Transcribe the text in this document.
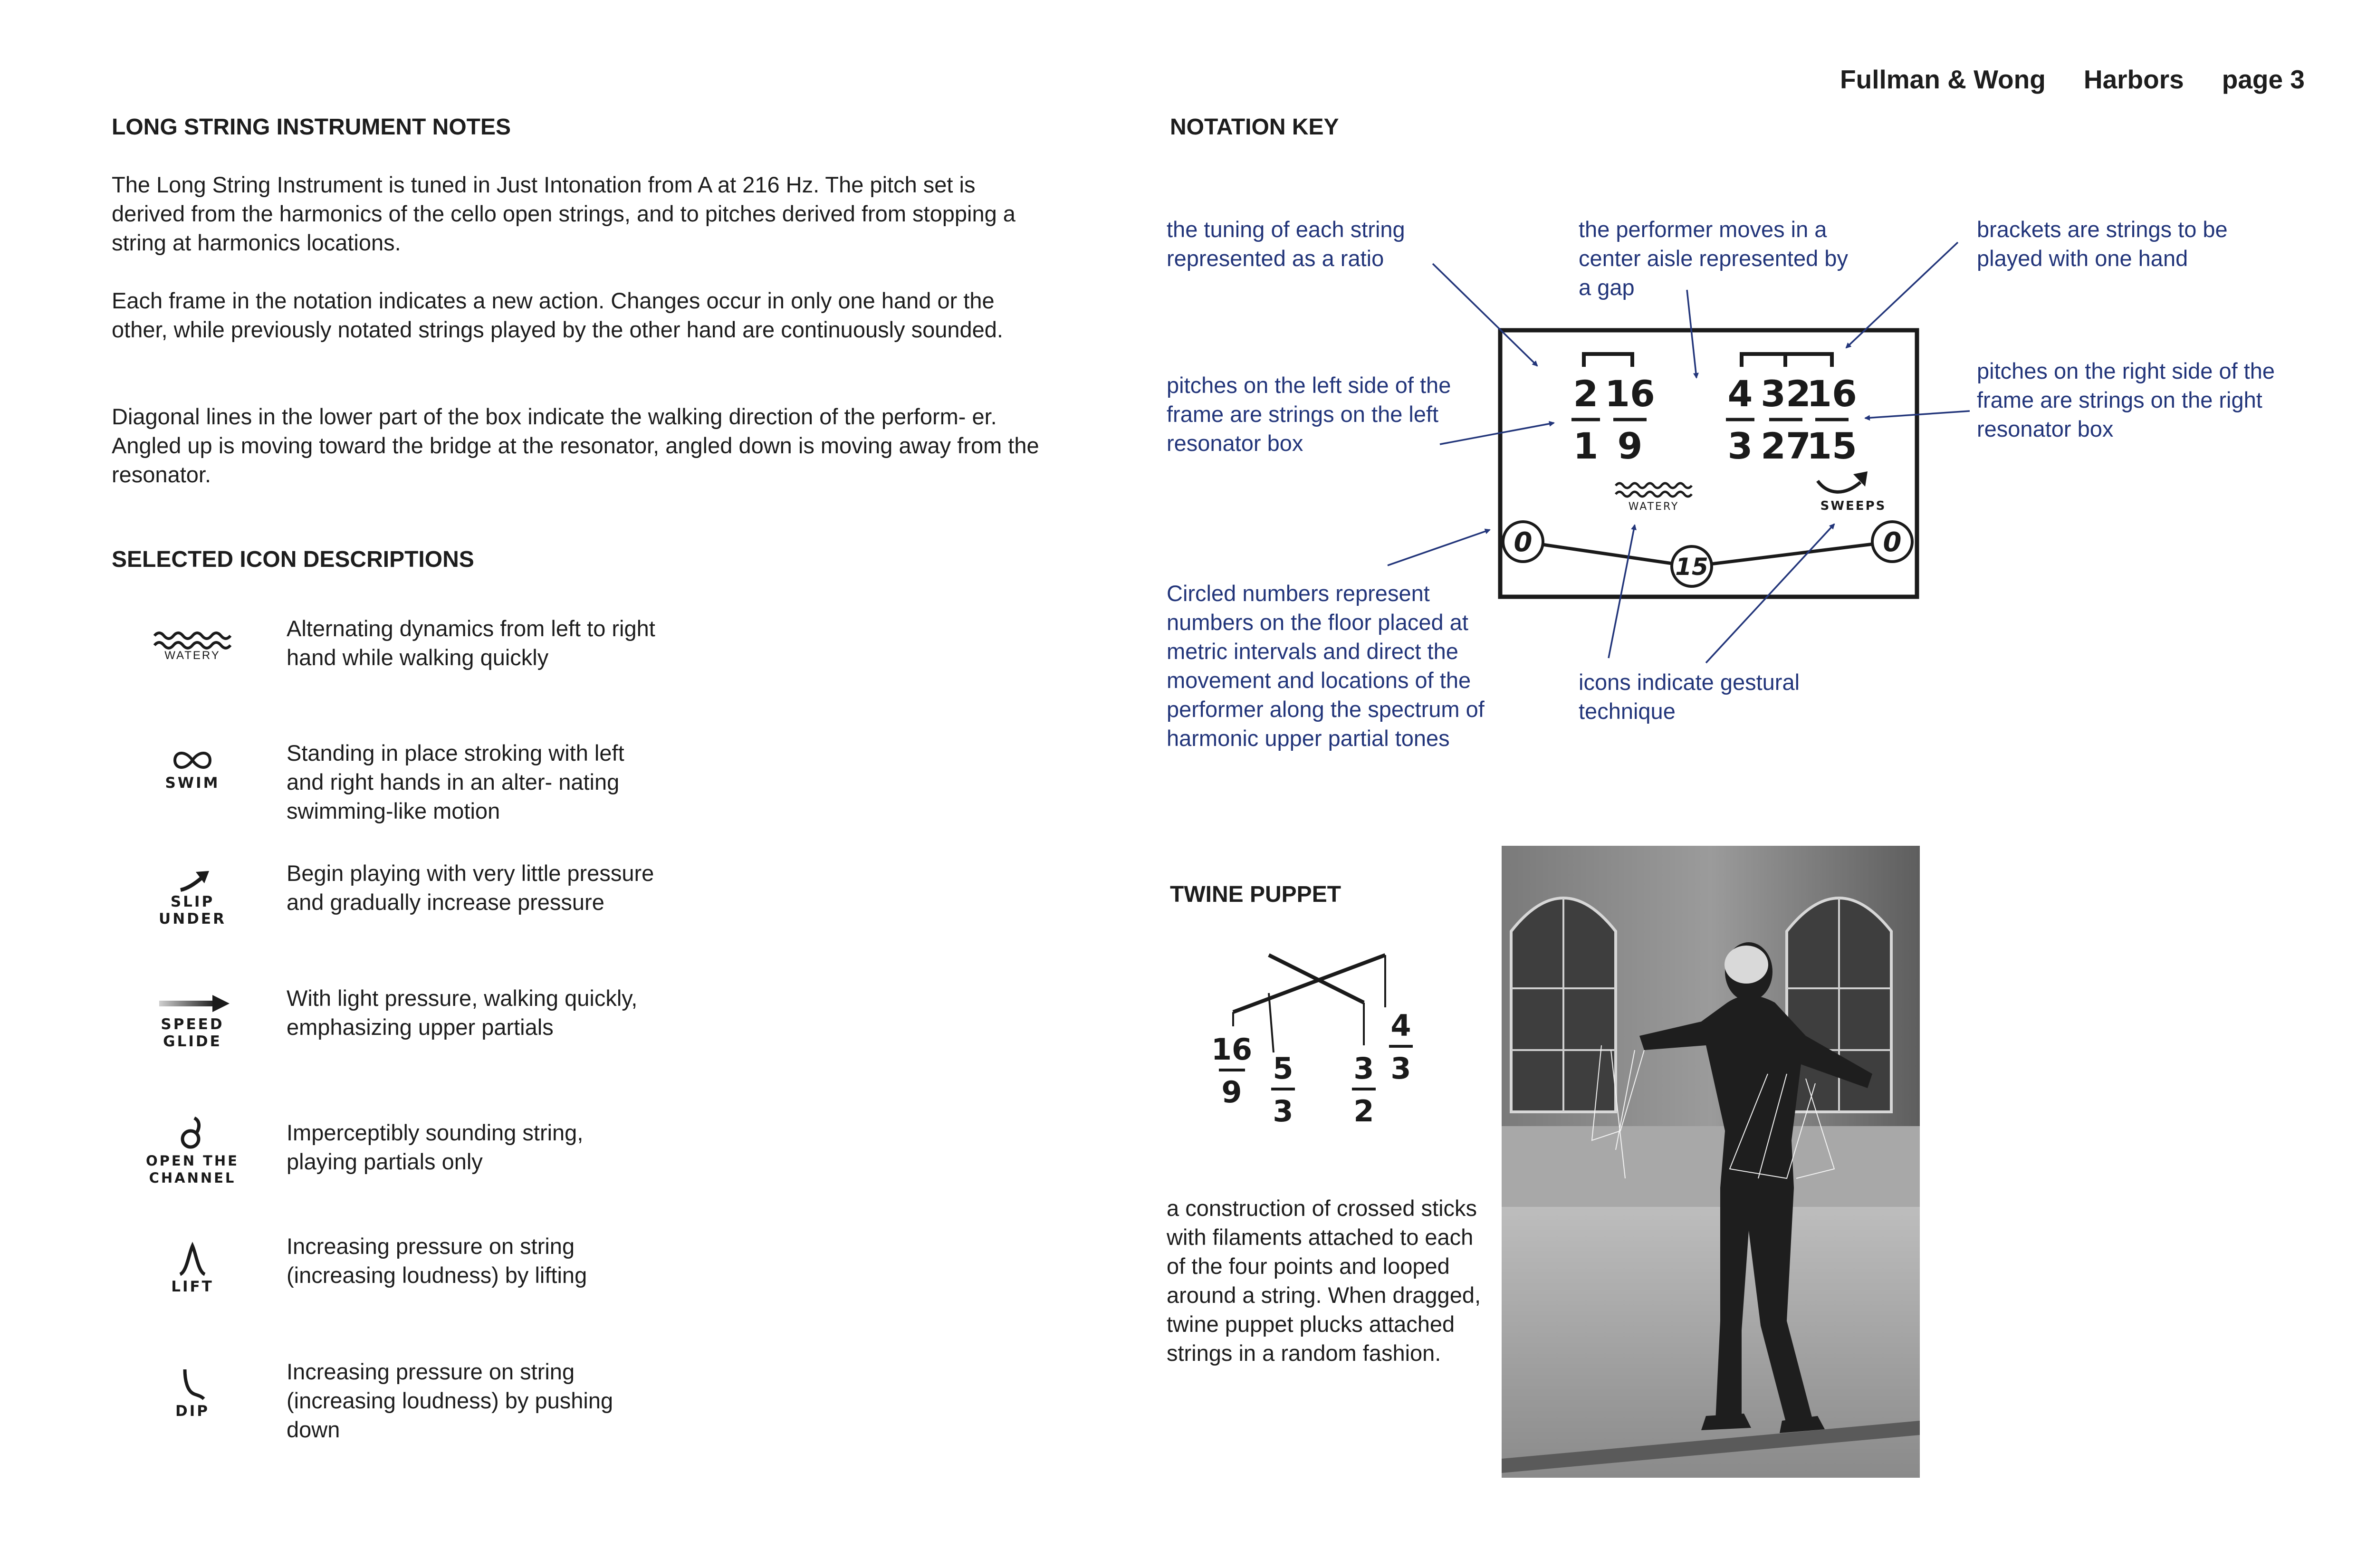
Fullman & Wong Harbors page 3
LONG STRING INSTRUMENT NOTES
The Long String Instrument is tuned in Just Intonation from A at 216 Hz. The pitch set is derived from the harmonics of the cello open strings, and to pitches derived from stopping a string at harmonics locations.
Each frame in the notation indicates a new action. Changes occur in only one hand or the other, while previously notated strings played by the other hand are continuously sounded.
Diagonal lines in the lower part of the box indicate the walking direction of the perform- er. Angled up is moving toward the bridge at the resonator, angled down is moving away from the resonator.
SELECTED ICON DESCRIPTIONS
WATERY
Alternating dynamics from left to right hand while walking quickly
SWIM
Standing in place stroking with left and right hands in an alter- nating swimming-like motion
SLIP
UNDER
Begin playing with very little pressure and gradually increase pressure
SPEED
GLIDE
With light pressure, walking quickly, emphasizing upper partials
OPEN THE
CHANNEL
Imperceptibly sounding string, playing partials only
LIFT
Increasing pressure on string (increasing loudness) by lifting
DIP
Increasing pressure on string (increasing loudness) by pushing down
NOTATION KEY
the tuning of each string represented as a ratio
the performer moves in a center aisle represented by a gap
brackets are strings to be played with one hand
pitches on the left side of the frame are strings on the left resonator box
pitches on the right side of the frame are strings on the right resonator box
Circled numbers represent numbers on the floor placed at metric intervals and direct the movement and locations of the performer along the spectrum of harmonic upper partial tones
icons indicate gestural technique
2
1
16
9
4
3
32
27
16
15
WATERY	SWEEPS
0
15
0
TWINE PUPPET
16
9
5
3
3
2
4
3
a construction of crossed sticks with filaments attached to each of the four points and looped around a string. When dragged, twine puppet plucks attached strings in a random fashion.
